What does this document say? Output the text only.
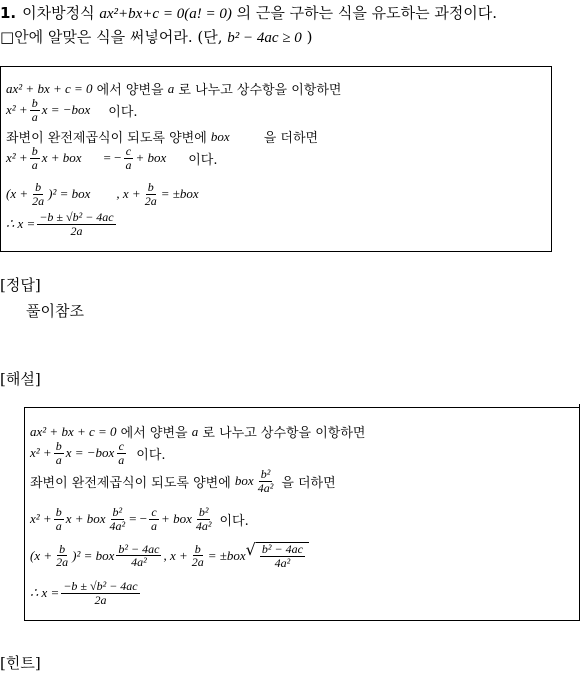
1. 이차방정식 ax²+bx+c = 0(a! = 0) 의 근을 구하는 식을 유도하는 과정이다.
□안에 알맞은 식을 써넣어라. (단, b² − 4ac ≥ 0 )
ax² + bx + c = 0
에서 양변을
a
로 나누고 상수항을 이항하면
$x^2 + \frac{b}{a}$ x = −box 이다.
좌변이 완전제곱식이 되도록 양변에
box	을 더하면
$x^2 + \frac{b}{a}$ x + box = − $\frac{c}{a}$ + box 이다.
$(x + \frac{b}{2a} )^2$ = box , $x + \frac{b}{2a} = \pm box$
∴ $x = \frac{\text{−b ± √b² − 4ac}}{2a}$
[정답]
풀이참조
[해설]
ax² + bx + c = 0
에서 양변을
a
로 나누고 상수항을 이항하면
$x^2 + \frac{b}{a}$ $x = -box \frac{c}{a}$ 이다.
좌변이 완전제곱식이 되도록 양변에
box $\frac{\text{b²}}{\text{4a²}}$ 을 더하면
$x^2 + \frac{b}{a}$ x + box $\frac{\text{b²}}{\text{4a²}}$ = − $\frac{c}{a}$ + box $\frac{\text{b²}}{\text{4a²}}$ 이다.
$(x + \frac{b}{2a} )^2$ = box $\frac{\text{b² − 4ac}}{\text{4a²}}$ , $x + \frac{b}{2a} = \pm box$ √ $\frac{\text{b² − 4ac}}{\text{4a²}}$
∴ $x = \frac{\text{−b ± √b² − 4ac}}{2a}$
[힌트]
